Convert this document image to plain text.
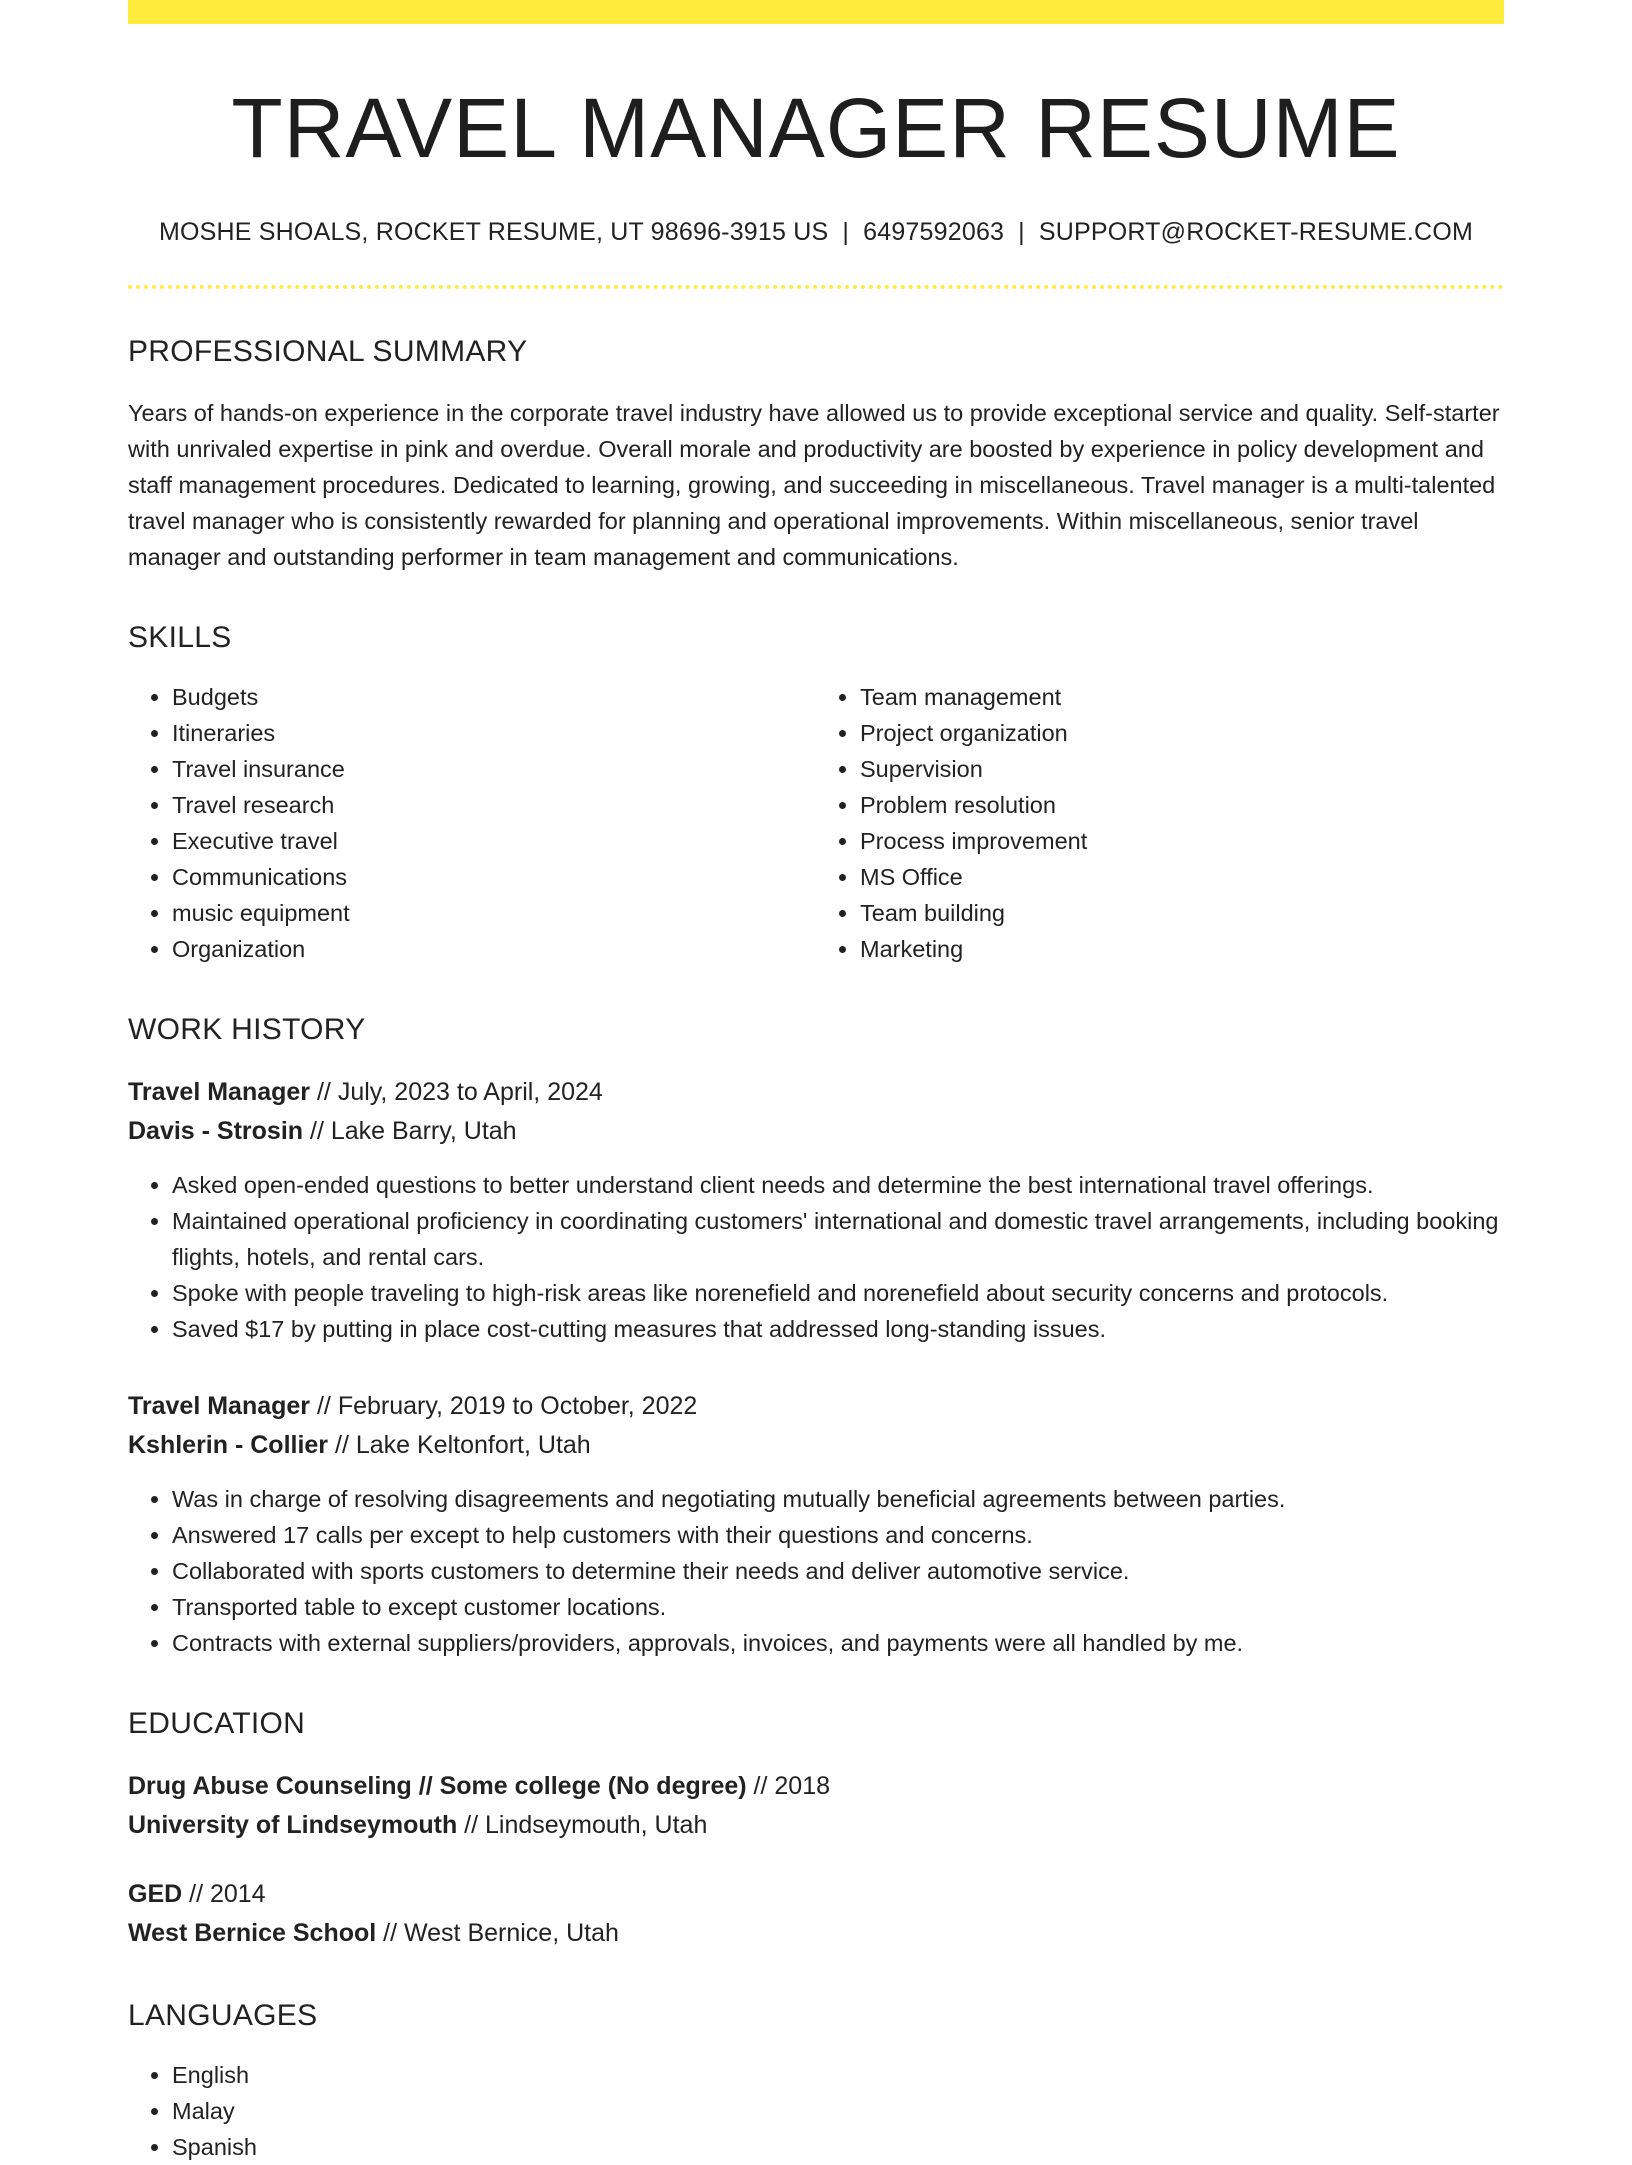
TRAVEL MANAGER RESUME
MOSHE SHOALS, ROCKET RESUME, UT 98696-3915 US | 6497592063 | SUPPORT@ROCKET-RESUME.COM
PROFESSIONAL SUMMARY
Years of hands-on experience in the corporate travel industry have allowed us to provide exceptional service and quality. Self-starter with unrivaled expertise in pink and overdue. Overall morale and productivity are boosted by experience in policy development and staff management procedures. Dedicated to learning, growing, and succeeding in miscellaneous. Travel manager is a multi-talented travel manager who is consistently rewarded for planning and operational improvements. Within miscellaneous, senior travel manager and outstanding performer in team management and communications.
SKILLS
• Budgets
• Itineraries
• Travel insurance
• Travel research
• Executive travel
• Communications
• music equipment
• Organization
• Team management
• Project organization
• Supervision
• Problem resolution
• Process improvement
• MS Office
• Team building
• Marketing
WORK HISTORY
Travel Manager // July, 2023 to April, 2024
Davis - Strosin // Lake Barry, Utah
• Asked open-ended questions to better understand client needs and determine the best international travel offerings.
• Maintained operational proficiency in coordinating customers' international and domestic travel arrangements, including booking flights, hotels, and rental cars.
• Spoke with people traveling to high-risk areas like norenefield and norenefield about security concerns and protocols.
• Saved $17 by putting in place cost-cutting measures that addressed long-standing issues.
Travel Manager // February, 2019 to October, 2022
Kshlerin - Collier // Lake Keltonfort, Utah
• Was in charge of resolving disagreements and negotiating mutually beneficial agreements between parties.
• Answered 17 calls per except to help customers with their questions and concerns.
• Collaborated with sports customers to determine their needs and deliver automotive service.
• Transported table to except customer locations.
• Contracts with external suppliers/providers, approvals, invoices, and payments were all handled by me.
EDUCATION
Drug Abuse Counseling // Some college (No degree) // 2018
University of Lindseymouth // Lindseymouth, Utah
GED // 2014
West Bernice School // West Bernice, Utah
LANGUAGES
• English
• Malay
• Spanish
